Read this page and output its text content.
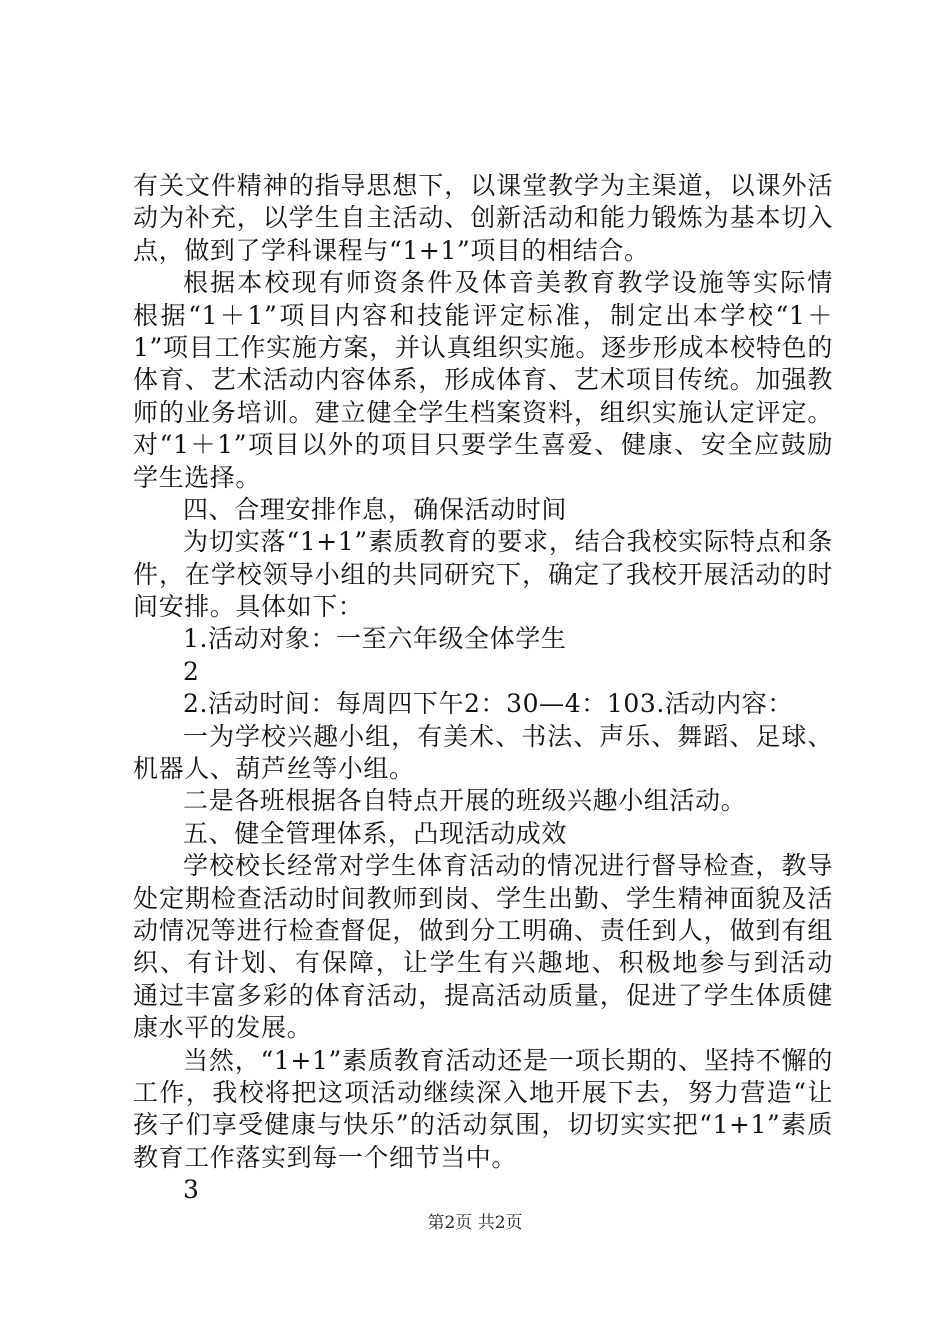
有关文件精神的指导思想下，以课堂教学为主渠道，以课外活
动为补充，以学生自主活动、创新活动和能力锻炼为基本切入
点，做到了学科课程与“1+1”项目的相结合。
根据本校现有师资条件及体音美教育教学设施等实际情
根据“1＋1”项目内容和技能评定标准，制定出本学校“1＋
1”项目工作实施方案，并认真组织实施。逐步形成本校特色的
体育、艺术活动内容体系，形成体育、艺术项目传统。加强教
师的业务培训。建立健全学生档案资料，组织实施认定评定。
对“1＋1”项目以外的项目只要学生喜爱、健康、安全应鼓励
学生选择。
四、合理安排作息，确保活动时间
为切实落“1+1”素质教育的要求，结合我校实际特点和条
件，在学校领导小组的共同研究下，确定了我校开展活动的时
间安排。具体如下：
1.活动对象：一至六年级全体学生
2
2.活动时间：每周四下午2：30—4：103.活动内容：
一为学校兴趣小组，有美术、书法、声乐、舞蹈、足球、
机器人、葫芦丝等小组。
二是各班根据各自特点开展的班级兴趣小组活动。
五、健全管理体系，凸现活动成效
学校校长经常对学生体育活动的情况进行督导检查，教导
处定期检查活动时间教师到岗、学生出勤、学生精神面貌及活
动情况等进行检查督促，做到分工明确、责任到人，做到有组
织、有计划、有保障，让学生有兴趣地、积极地参与到活动
通过丰富多彩的体育活动，提高活动质量，促进了学生体质健
康水平的发展。
当然，“1+1”素质教育活动还是一项长期的、坚持不懈的
工作，我校将把这项活动继续深入地开展下去，努力营造“让
孩子们享受健康与快乐”的活动氛围，切切实实把“1+1”素质
教育工作落实到每一个细节当中。
3
第2页 共2页
